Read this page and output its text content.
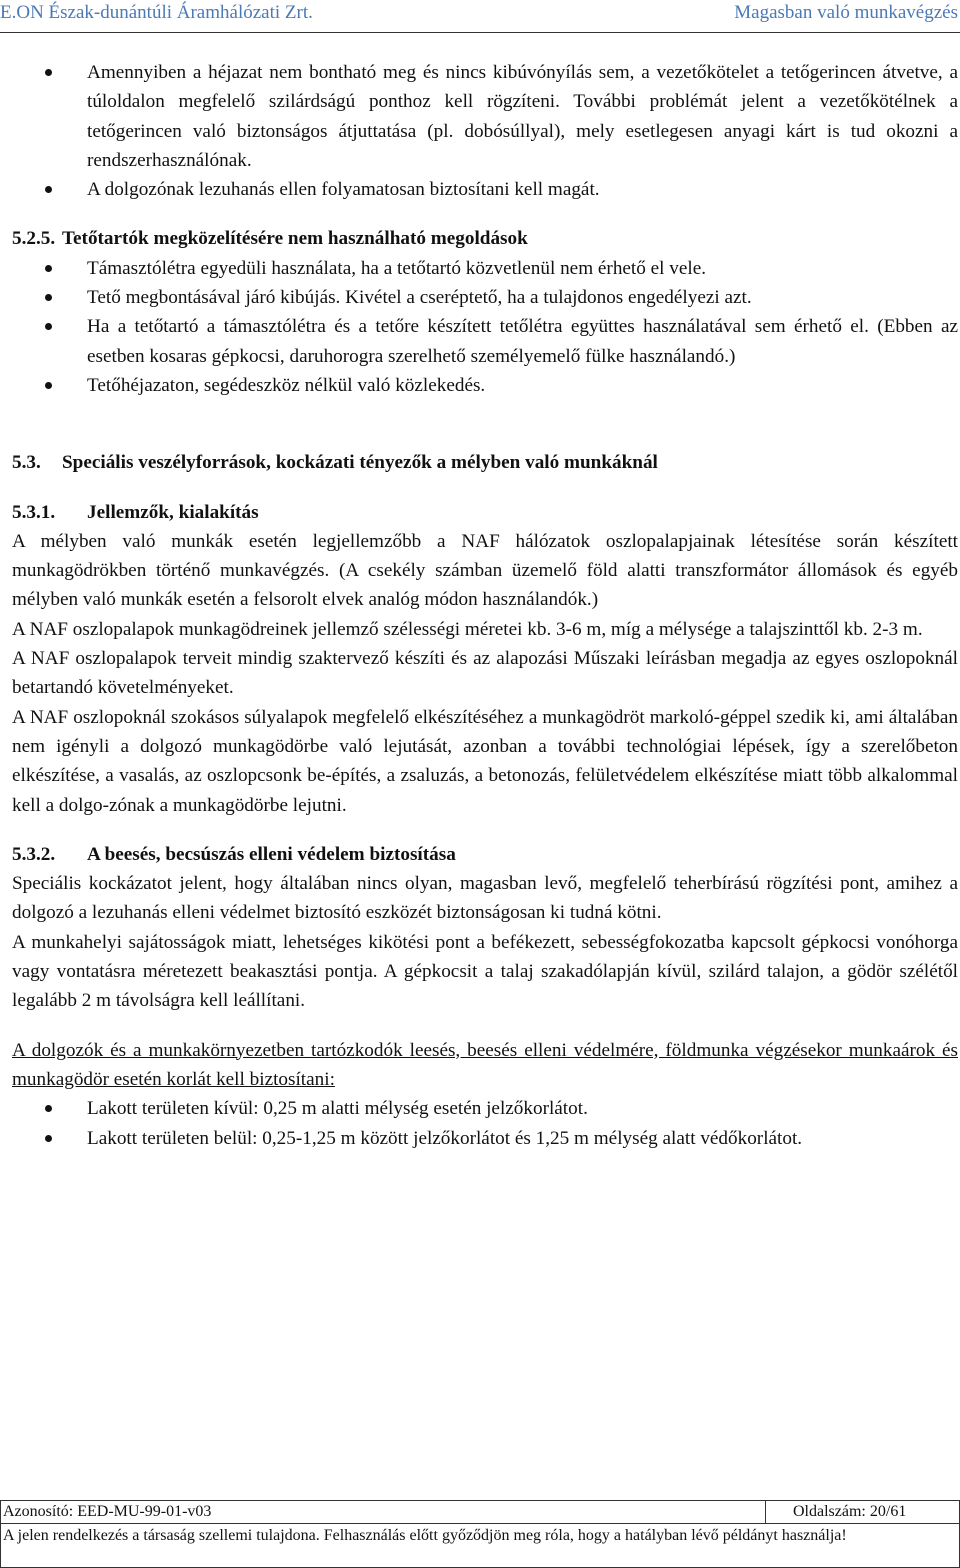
E.ON Észak-dunántúli Áramhálózati Zrt.	Magasban való munkavégzés
Amennyiben a héjazat nem bontható meg és nincs kibúvónyílás sem, a vezetőkötelet a tetőgerincen átvetve, a túloldalon megfelelő szilárdságú ponthoz kell rögzíteni. További problémát jelent a vezetőkötélnek a tetőgerincen való biztonságos átjuttatása (pl. dobósúllyal), mely esetlegesen anyagi kárt is tud okozni a rendszerhasználónak.
A dolgozónak lezuhanás ellen folyamatosan biztosítani kell magát.
5.2.5. Tetőtartók megközelítésére nem használható megoldások
Támasztólétra egyedüli használata, ha a tetőtartó közvetlenül nem érhető el vele.
Tető megbontásával járó kibújás. Kivétel a cseréptető, ha a tulajdonos engedélyezi azt.
Ha a tetőtartó a támasztólétra és a tetőre készített tetőlétra együttes használatával sem érhető el. (Ebben az esetben kosaras gépkocsi, daruhorogra szerelhető személyemelő fülke használandó.)
Tetőhéjazaton, segédeszköz nélkül való közlekedés.
5.3.	Speciális veszélyforrások, kockázati tényezők a mélyben való munkáknál
5.3.1.	Jellemzők, kialakítás
A mélyben való munkák esetén legjellemzőbb a NAF hálózatok oszlopalapjainak létesítése során készített munkagödrökben történő munkavégzés. (A csekély számban üzemelő föld alatti transzformátor állomások és egyéb mélyben való munkák esetén a felsorolt elvek analóg módon használandók.)
A NAF oszlopalapok munkagödreinek jellemző szélességi méretei kb. 3-6 m, míg a mélysége a talajszinttől kb. 2-3 m.
A NAF oszlopalapok terveit mindig szaktervező készíti és az alapozási Műszaki leírásban megadja az egyes oszlopoknál betartandó követelményeket.
A NAF oszlopoknál szokásos súlyalapok megfelelő elkészítéséhez a munkagödröt markoló-géppel szedik ki, ami általában nem igényli a dolgozó munkagödörbe való lejutását, azonban a további technológiai lépések, így a szerelőbeton elkészítése, a vasalás, az oszlopcsonk be-építés, a zsaluzás, a betonozás, felületvédelem elkészítése miatt több alkalommal kell a dolgo-zónak a munkagödörbe lejutni.
5.3.2.	A beesés, becsúszás elleni védelem biztosítása
Speciális kockázatot jelent, hogy általában nincs olyan, magasban levő, megfelelő teherbírású rögzítési pont, amihez a dolgozó a lezuhanás elleni védelmet biztosító eszközét biztonságosan ki tudná kötni.
A munkahelyi sajátosságok miatt, lehetséges kikötési pont a befékezett, sebességfokozatba kapcsolt gépkocsi vonóhorga vagy vontatásra méretezett beakasztási pontja. A gépkocsit a talaj szakadólapján kívül, szilárd talajon, a gödör szélétől legalább 2 m távolságra kell leállítani.
A dolgozók és a munkakörnyezetben tartózkodók leesés, beesés elleni védelmére, földmunka végzésekor munkaárok és munkagödör esetén korlát kell biztosítani:
Lakott területen kívül: 0,25 m alatti mélység esetén jelzőkorlátot.
Lakott területen belül: 0,25-1,25 m között jelzőkorlátot és 1,25 m mélység alatt védőkorlátot.
Azonosító: EED-MU-99-01-v03	Oldalszám: 20/61
A jelen rendelkezés a társaság szellemi tulajdona. Felhasználás előtt győződjön meg róla, hogy a hatályban lévő példányt használja!
